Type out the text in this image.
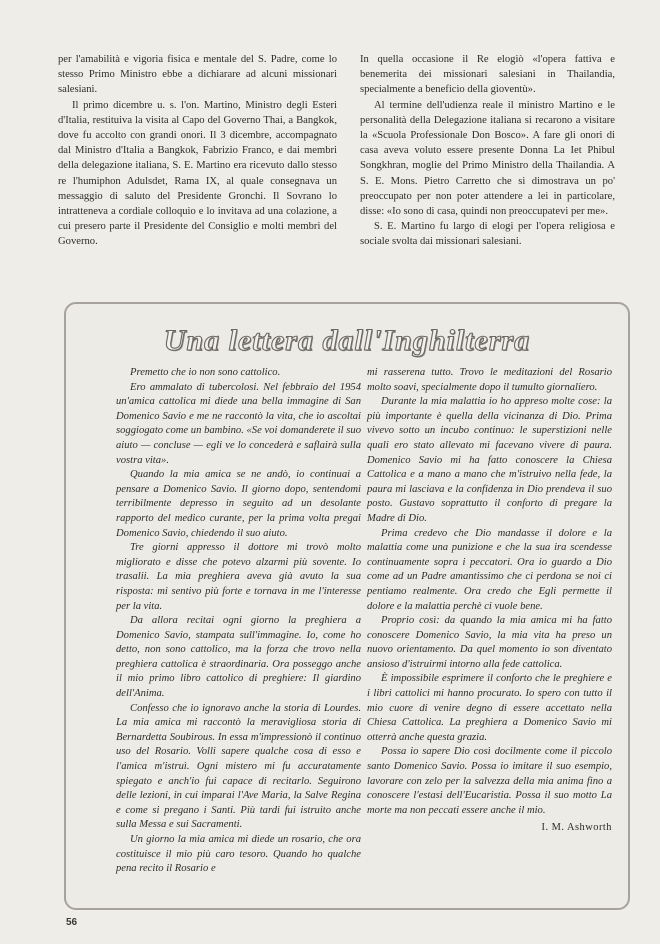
per l'amabilità e vigoria fisica e mentale del S. Padre, come lo stesso Primo Ministro ebbe a dichiarare ad alcuni missionari salesiani.

Il primo dicembre u. s. l'on. Martino, Ministro degli Esteri d'Italia, restituiva la visita al Capo del Governo Thai, a Bangkok, dove fu accolto con grandi onori. Il 3 dicembre, accompagnato dal Ministro d'Italia a Bangkok, Fabrizio Franco, e dai membri della delegazione italiana, S. E. Martino era ricevuto dallo stesso re l'humiphon Adulsdet, Rama IX, al quale consegnava un messaggio di saluto del Presidente Gronchi. Il Sovrano lo intratteneva a cordiale colloquio e lo invitava ad una colazione, a cui presero parte il Presidente del Consiglio e molti membri del Governo.

In quella occasione il Re elogiò «l'opera fattiva e benemerita dei missionari salesiani in Thailandia, specialmente a beneficio della gioventù».

Al termine dell'udienza reale il ministro Martino e le personalità della Delegazione italiana si recarono a visitare la «Scuola Professionale Don Bosco». A fare gli onori di casa aveva voluto essere presente Donna La Iet Phibul Songkhran, moglie del Primo Ministro della Thailandia. A S. E. Mons. Pietro Carretto che si dimostrava un po' preoccupato per non poter attendere a lei in particolare, disse: «Io sono di casa, quindi non preoccupatevi per me».

S. E. Martino fu largo di elogi per l'opera religiosa e sociale svolta dai missionari salesiani.

Una lettera dall'Inghilterra

Premetto che io non sono cattolico.

Ero ammalato di tubercolosi. Nel febbraio del 1954 un'amica cattolica mi diede una bella immagine di San Domenico Savio e me ne raccontò la vita, che io ascoltai soggiogato come un bambino. «Se voi domanderete il suo aiuto — concluse — egli ve lo concederà e saflairà sulla vostra vita».

Quando la mia amica se ne andò, io continuai a pensare a Domenico Savio. Il giorno dopo, sentendomi terribilmente depresso in seguito ad un desolante rapporto del medico curante, per la prima volta pregai Domenico Savio, chiedendo il suo aiuto.

Tre giorni appresso il dottore mi trovò molto migliorato e disse che potevo alzarmi più sovente. Io trasalii. La mia preghiera aveva già avuto la sua risposta: mi sentivo più forte e tornava in me l'interesse per la vita.

Da allora recitai ogni giorno la preghiera a Domenico Savio, stampata sull'immagine. Io, come ho detto, non sono cattolico, ma la forza che trovo nella preghiera cattolica è straordinaria. Ora posseggo anche il mio primo libro cattolico di preghiere: Il giardino dell'Anima.

Confesso che io ignoravo anche la storia di Lourdes. La mia amica mi raccontò la meravigliosa storia di Bernardetta Soubirous. In essa m'impressionò il continuo uso del Rosario. Volli sapere qualche cosa di esso e l'amica m'istruì. Ogni mistero mi fu accuratamente spiegato e anch'io fui capace di recitarlo. Seguirono delle lezioni, in cui imparai l'Ave Maria, la Salve Regina e come si pregano i Santi. Più tardi fui istruito anche sulla Messa e sui Sacramenti.

Un giorno la mia amica mi diede un rosario, che ora costituisce il mio più caro tesoro. Quando ho qualche pena recito il Rosario e

mi rasserena tutto. Trovo le meditazioni del Rosario molto soavi, specialmente dopo il tumulto giornaliero.

Durante la mia malattia io ho appreso molte cose: la più importante è quella della vicinanza di Dio. Prima vivevo sotto un incubo continuo: le superstizioni nelle quali ero stato allevato mi facevano vivere di paura. Domenico Savio mi ha fatto conoscere la Chiesa Cattolica e a mano a mano che m'istruivo nella fede, la paura mi lasciava e la confidenza in Dio prendeva il suo posto. Gustavo soprattutto il conforto di pregare la Madre di Dio.

Prima credevo che Dio mandasse il dolore e la malattia come una punizione e che la sua ira scendesse continuamente sopra i peccatori. Ora io guardo a Dio come ad un Padre amantissimo che ci perdona se noi ci pentiamo realmente. Ora credo che Egli permette il dolore e la malattia perchè ci vuole bene.

Proprio così: da quando la mia amica mi ha fatto conoscere Domenico Savio, la mia vita ha preso un nuovo orientamento. Da quel momento io son diventato ansioso d'istruirmi intorno alla fede cattolica.

È impossibile esprimere il conforto che le preghiere e i libri cattolici mi hanno procurato. Io spero con tutto il mio cuore di venire degno di essere accettato nella Chiesa Cattolica. La preghiera a Domenico Savio mi otterrà anche questa grazia.

Possa io sapere Dio così docilmente come il piccolo santo Domenico Savio. Possa io imitare il suo esempio, lavorare con zelo per la salvezza della mia anima fino a conoscere l'estasi dell'Eucaristia. Possa il suo motto La morte ma non peccati essere anche il mio.

I. M. Ashworth
56
